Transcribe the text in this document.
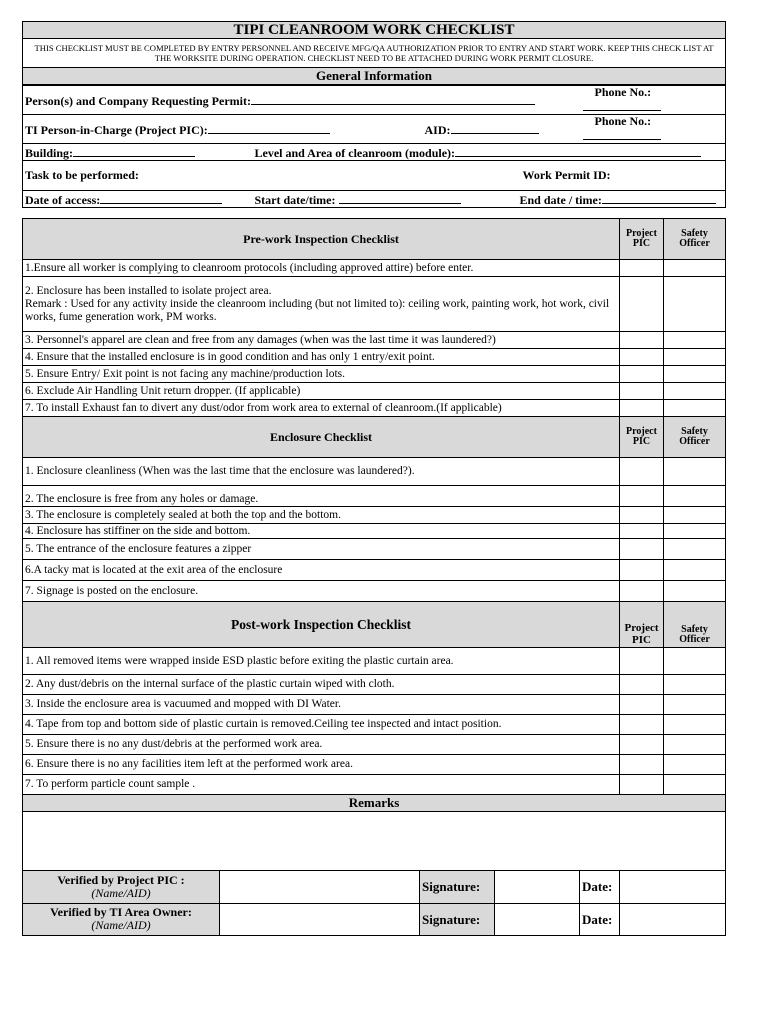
TIPI CLEANROOM WORK CHECKLIST
THIS CHECKLIST MUST BE COMPLETED BY ENTRY PERSONNEL AND RECEIVE MFG/QA AUTHORIZATION PRIOR TO ENTRY AND START WORK. KEEP THIS CHECK LIST AT THE WORKSITE DURING OPERATION. CHECKLIST NEED TO BE ATTACHED DURING WORK PERMIT CLOSURE.
General Information
Person(s) and Company Requesting Permit:			Phone No.:
TI Person-in-Charge (Project PIC):		AID:	Phone No.:
Building:	Level and Area of cleanroom (module):		
Task to be performed:			Work Permit ID:
Date of access:	Start date/time:		End date / time:
Pre-work Inspection Checklist	Project PIC	Safety Officer
1.Ensure all worker is complying to cleanroom protocols (including approved attire) before enter.		

2. Enclosure has been installed to isolate project area.
Remark : Used for any activity inside the cleanroom including (but not limited to): ceiling work, painting work, hot work, civil works, fume generation work, PM works.		

3. Personnel's apparel are clean and free from any damages (when was the last time it was laundered?)		
4. Ensure that the installed enclosure is in good condition and has only 1 entry/exit point.		
5. Ensure Entry/ Exit point is not facing any machine/production lots.		
6. Exclude Air Handling Unit return dropper. (If applicable)		
7. To install Exhaust fan to divert any dust/odor from work area to external of cleanroom.(If applicable)		
Enclosure Checklist	Project PIC	Safety Officer
1. Enclosure cleanliness (When was the last time that the enclosure was laundered?).		
2. The enclosure is free from any holes or damage.		
3. The enclosure is completely sealed at both the top and the bottom.		
4. Enclosure has stiffiner on the side and bottom.		
5. The entrance of the enclosure features a zipper		
6.A tacky mat is located at the exit area of the enclosure		
7. Signage is posted on the enclosure.		
Post-work Inspection Checklist	Project PIC	Safety Officer
1. All removed items were wrapped inside ESD plastic before exiting the plastic curtain area.		
2. Any dust/debris on the internal surface of the plastic curtain wiped with cloth.		
3. Inside the enclosure area is vacuumed and mopped with DI Water.		
4. Tape from top and bottom side of plastic curtain is removed.Ceiling tee inspected and intact position.		
5. Ensure there is no any dust/debris at the performed work area.		
6. Ensure there is no any facilities item left at the performed work area.		
7. To perform particle count sample .		
Remarks		

Verified by Project PIC :
(Name/AID)		Signature:		Date:	

Verified by TI Area Owner:
(Name/AID)		Signature:		Date:	
